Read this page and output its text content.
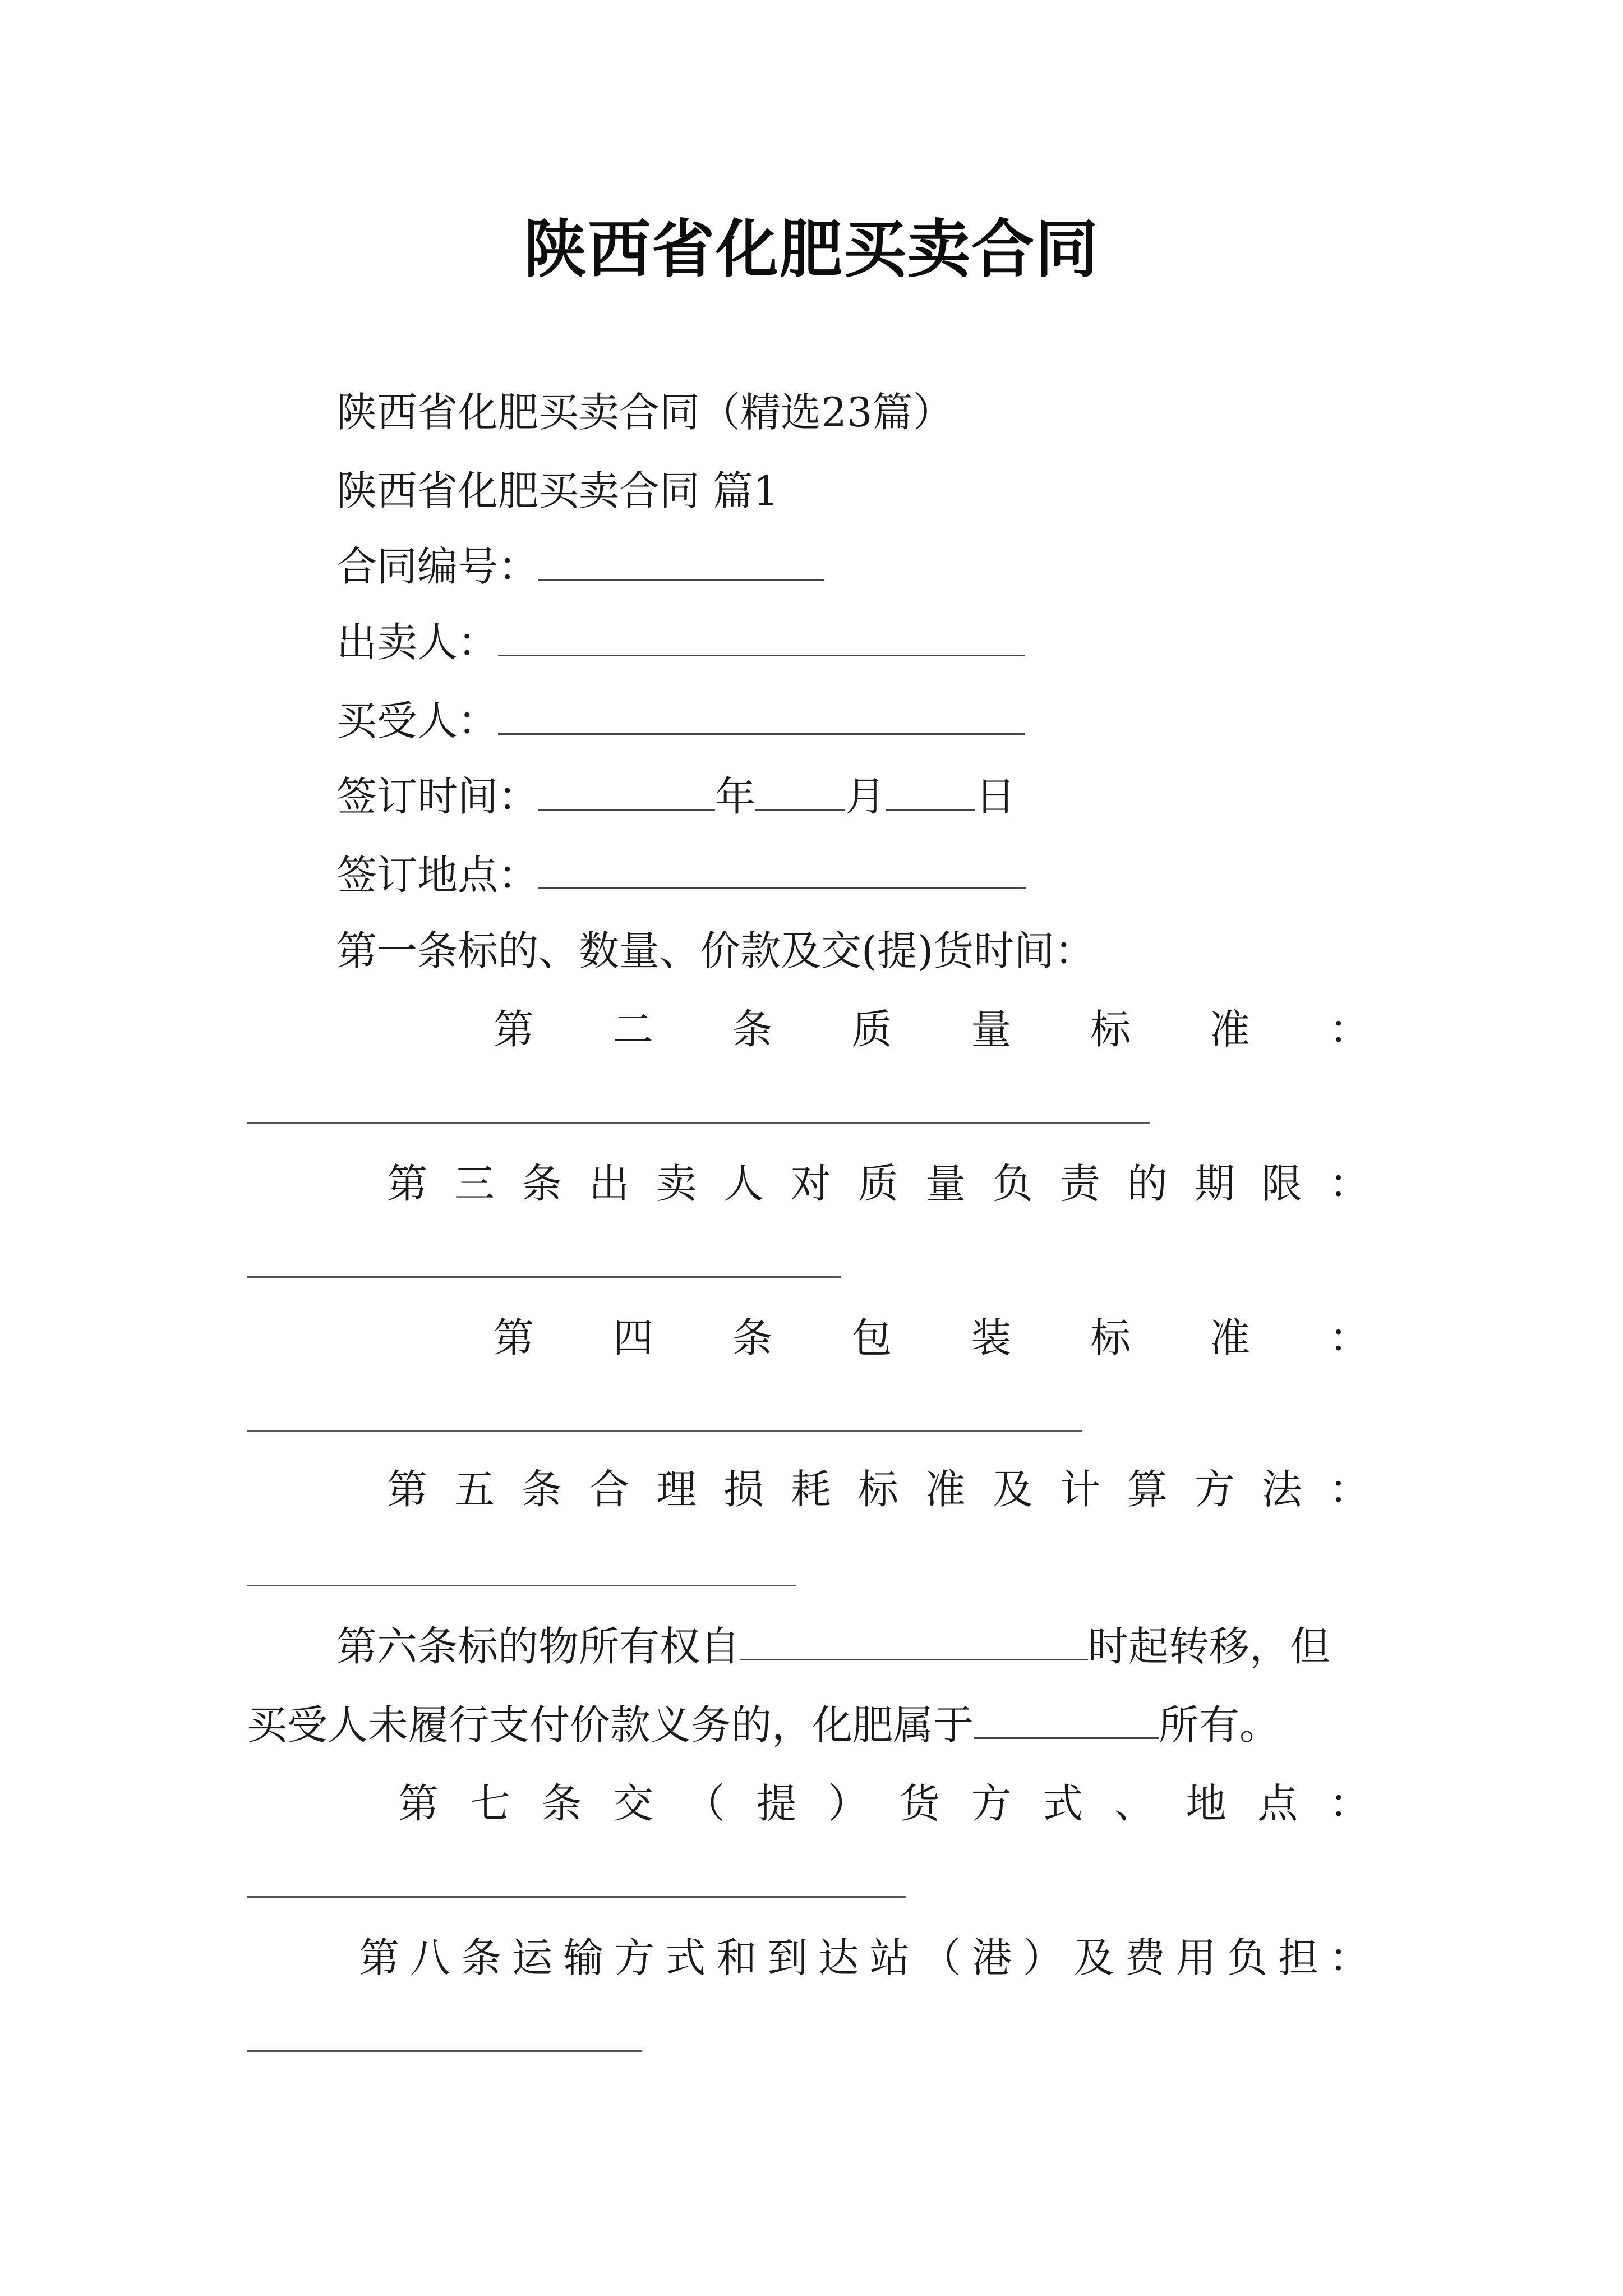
陕西省化肥买卖合同
陕西省化肥买卖合同（精选23篇）
陕西省化肥买卖合同 篇1
合同编号：
出卖人：
买受人：
签订时间：	年 月 日
签订地点：
第一条标的、数量、价款及交(提)货时间：
第 二 条 质 量 标 准 ：
第 三 条 出 卖 人 对 质 量 负 责 的 期 限 ：
第 四 条 包 装 标 准 ：
第 五 条 合 理 损 耗 标 准 及 计 算 方 法 ：
第六条标的物所有权自	时起转移，但
买受人未履行支付价款义务的，化肥属于	所有。
第 七 条 交 （ 提 ） 货 方 式 、 地 点 ：
第 八 条 运 输 方 式 和 到 达 站 （ 港 ） 及 费 用 负 担 ：
